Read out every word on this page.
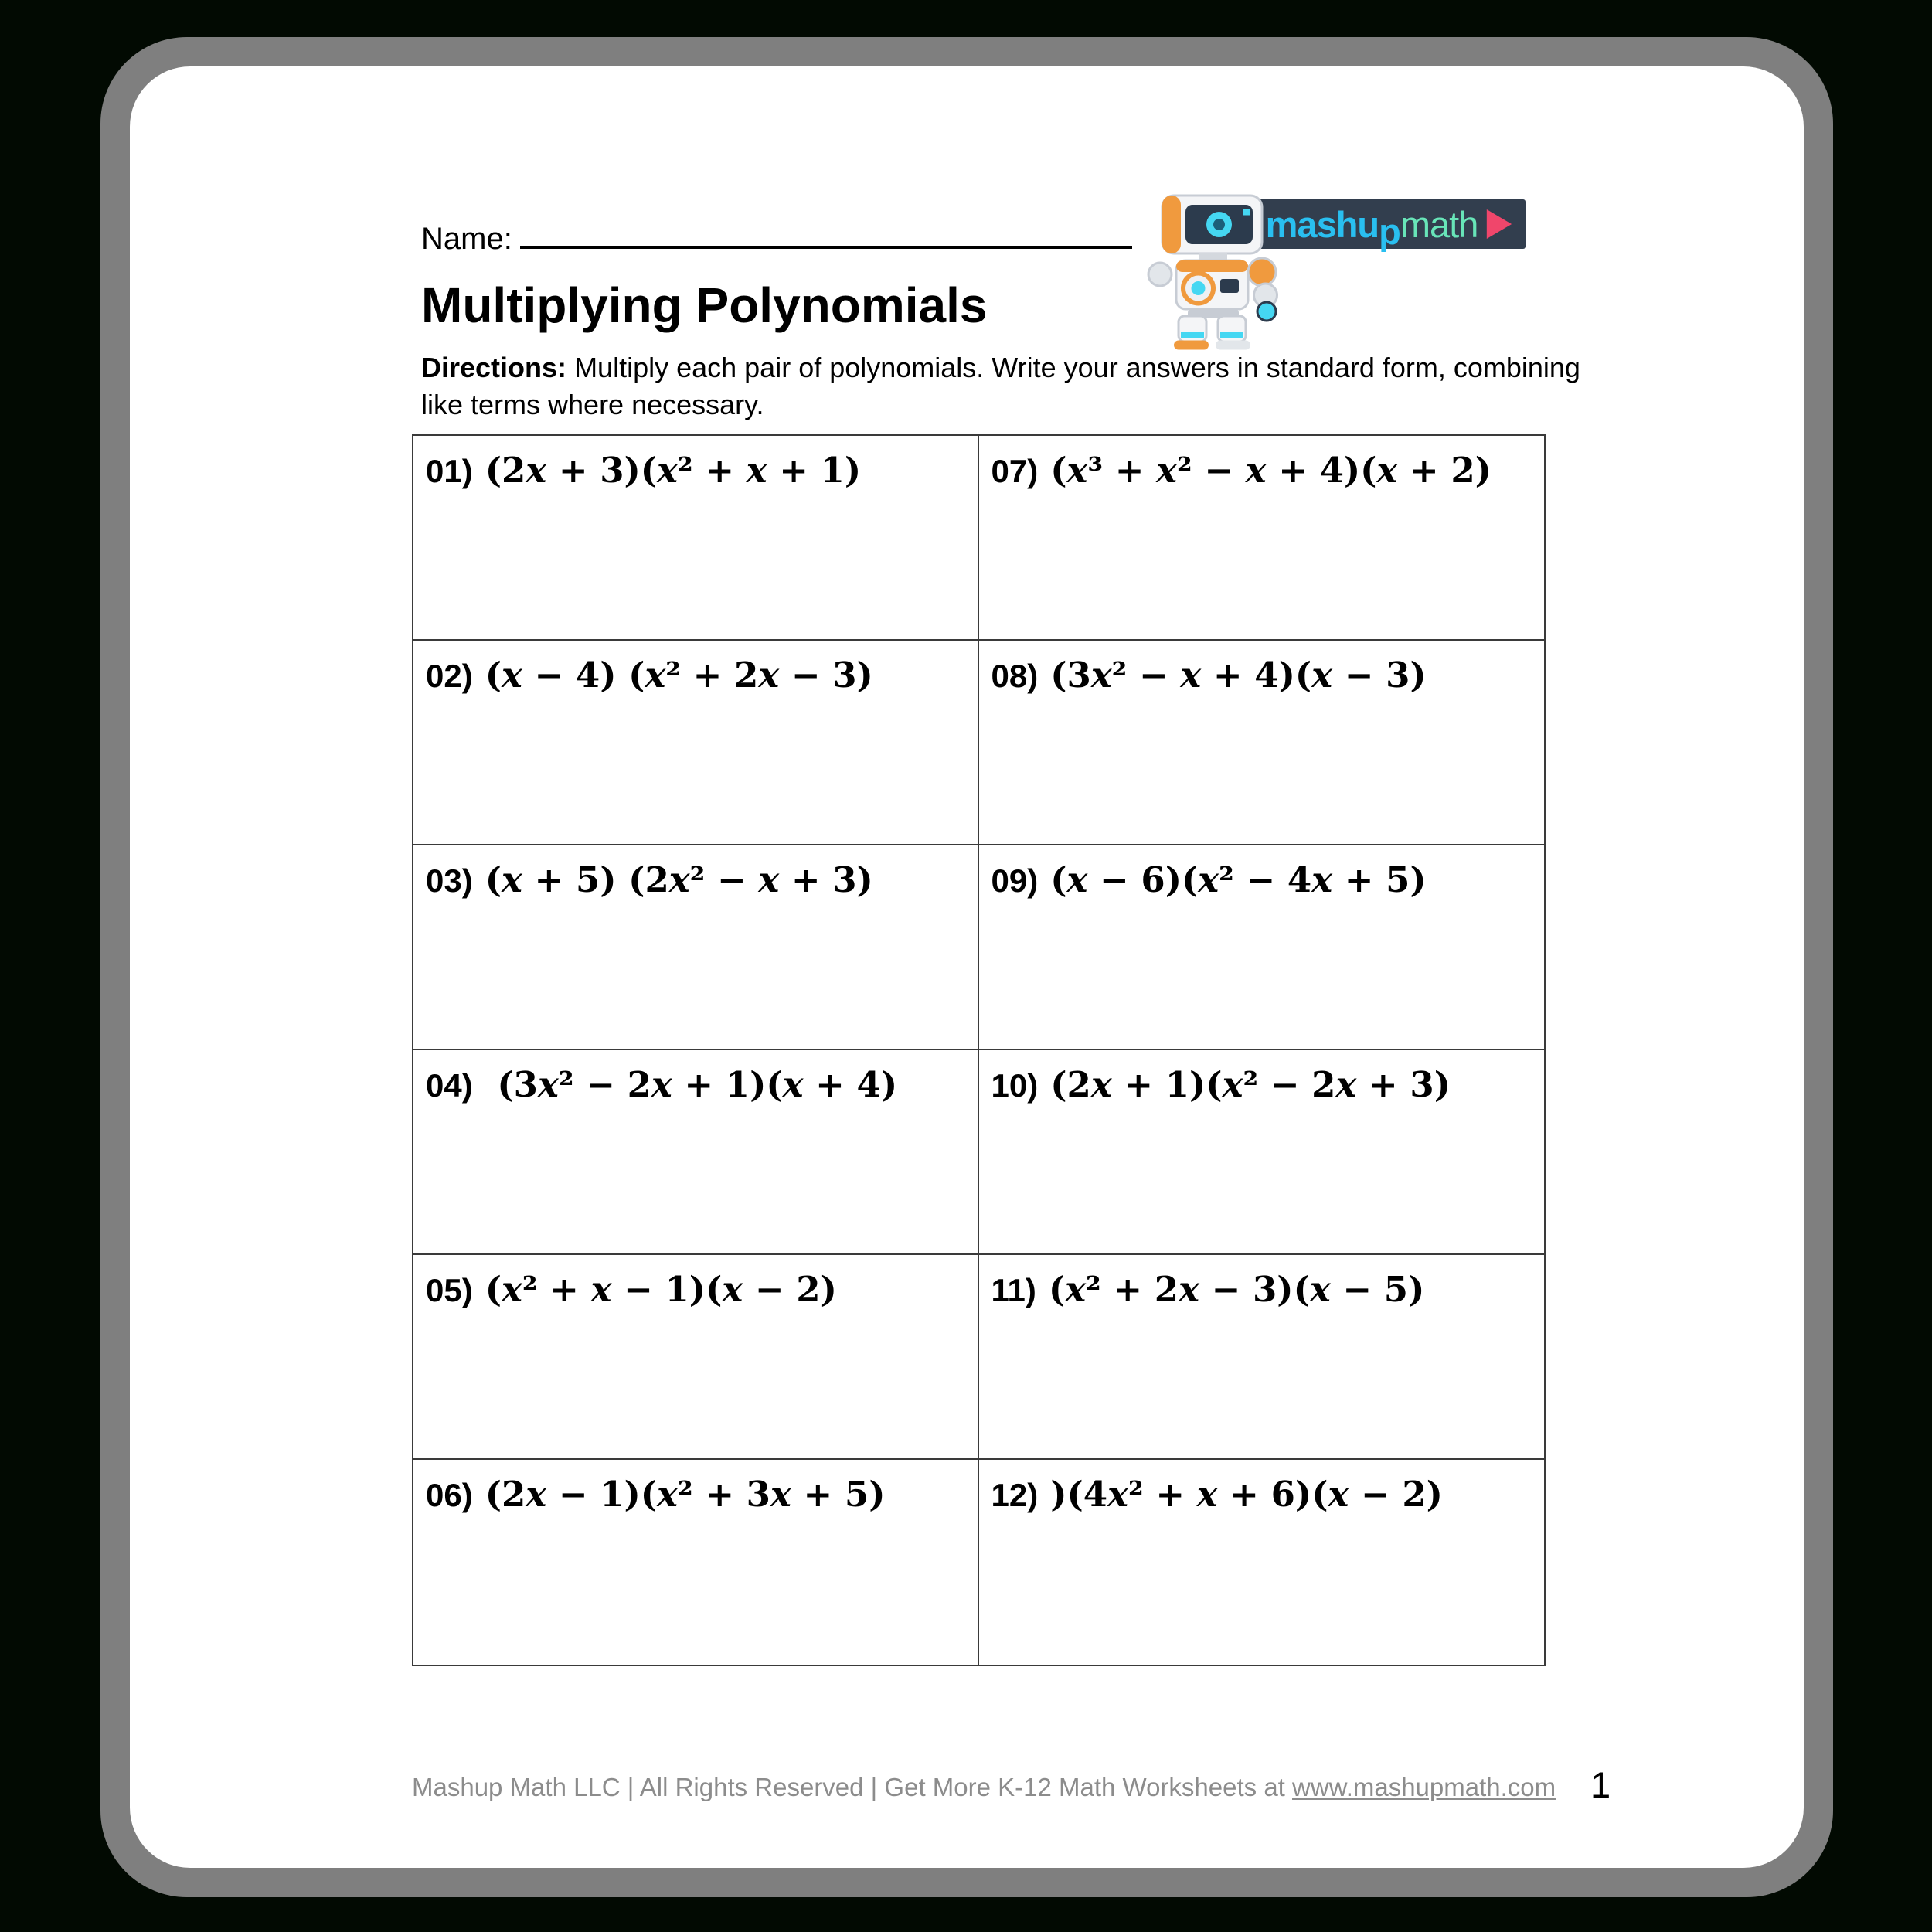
Name:	mashu p math
Multiplying Polynomials

Directions: Multiply each pair of polynomials. Write your answers in standard form, combining
like terms where necessary.

01) (2x + 3)(x² + x + 1)	07) (x³ + x² − x + 4)(x + 2)
02) (x − 4) (x² + 2x − 3)	08) (3x² − x + 4)(x − 3)
03) (x + 5) (2x² − x + 3)	09) (x − 6)(x² − 4x + 5)
04) (3x² − 2x + 1)(x + 4)	10) (2x + 1)(x² − 2x + 3)
05) (x² + x − 1)(x − 2)	11) (x² + 2x − 3)(x − 5)
06) (2x − 1)(x² + 3x + 5)	12) )(4x² + x + 6)(x − 2)
Mashup Math LLC | All Rights Reserved | Get More K-12 Math Worksheets at www.mashupmath.com 1
